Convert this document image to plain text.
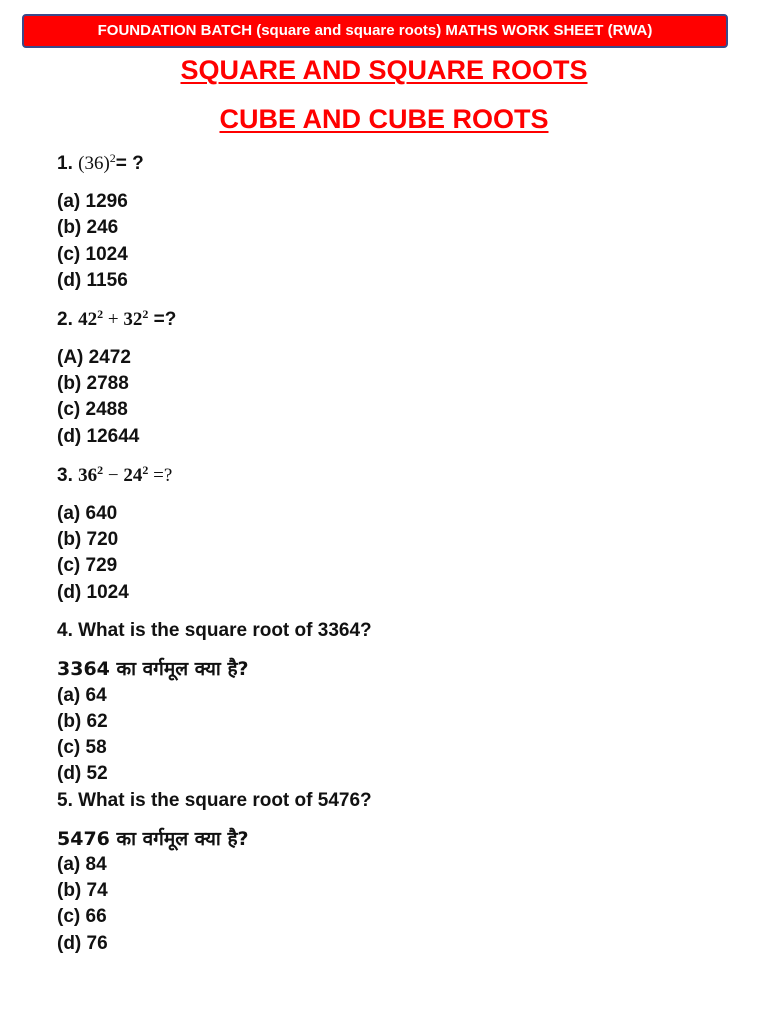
FOUNDATION BATCH (square and square roots) MATHS WORK SHEET (RWA)
SQUARE AND SQUARE ROOTS
CUBE AND CUBE ROOTS
1. $(36)^2=$ ?
(a) 1296
(b) 246
(c) 1024
(d) 1156
2. $42^2 + 32^2$ =?
(A) 2472
(b) 2788
(c) 2488
(d) 12644
3. $36^2 - 24^2$ =?
(a) 640
(b) 720
(c) 729
(d) 1024
4. What is the square root of 3364?
3364 का वर्गमूल क्या है?
(a) 64
(b) 62
(c) 58
(d) 52
5. What is the square root of 5476?
5476 का वर्गमूल क्या है?
(a) 84
(b) 74
(c) 66
(d) 76
